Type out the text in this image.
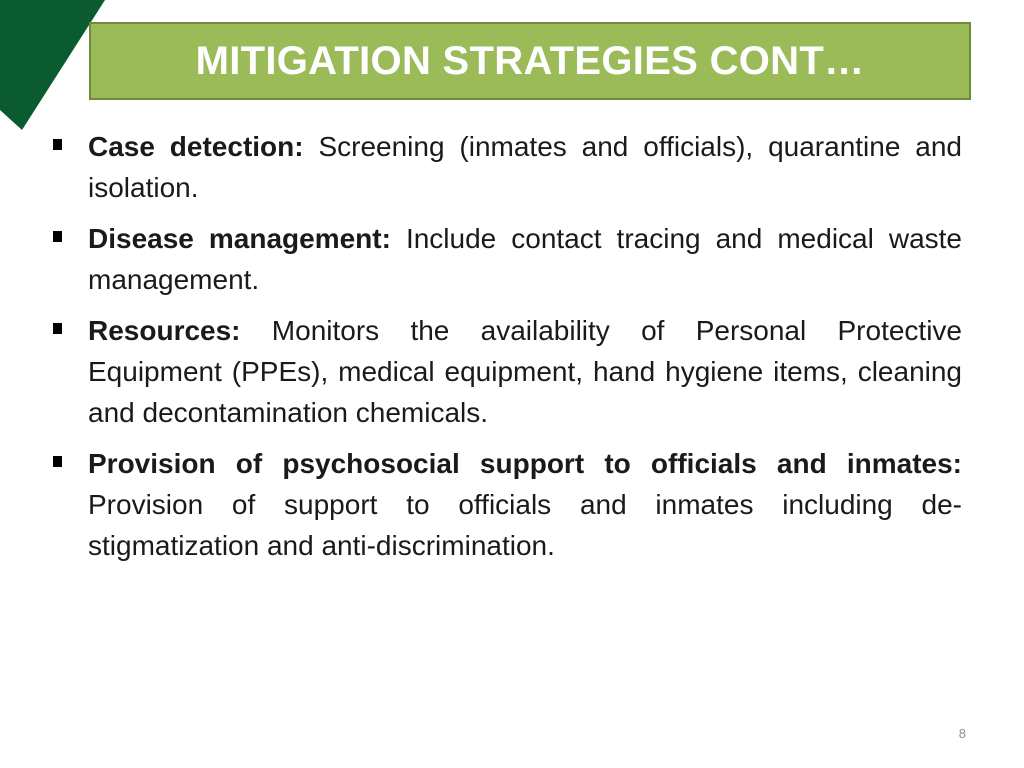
MITIGATION STRATEGIES CONT…
Case detection: Screening (inmates and officials), quarantine and isolation.
Disease management: Include contact tracing and medical waste management.
Resources: Monitors the availability of Personal Protective Equipment (PPEs), medical equipment, hand hygiene items, cleaning and decontamination chemicals.
Provision of psychosocial support to officials and inmates: Provision of support to officials and inmates including de-stigmatization and anti-discrimination.
8
